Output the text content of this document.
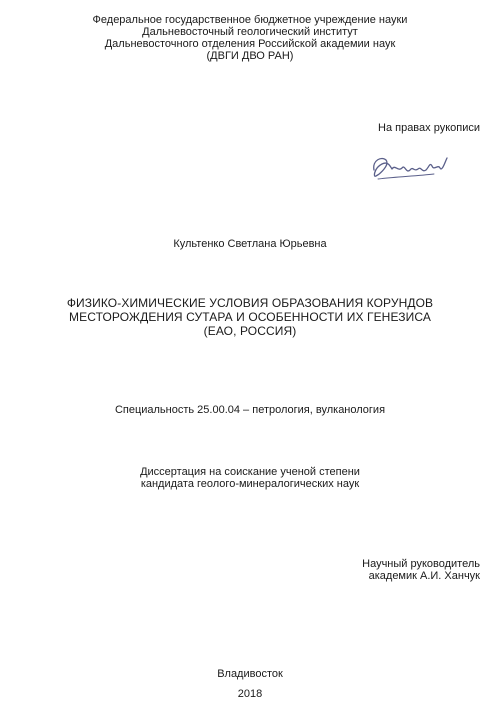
Федеральное государственное бюджетное учреждение науки
Дальневосточный геологический институт
Дальневосточного отделения Российской академии наук
(ДВГИ ДВО РАН)
На правах рукописи
Культенко Светлана Юрьевна
ФИЗИКО-ХИМИЧЕСКИЕ УСЛОВИЯ ОБРАЗОВАНИЯ КОРУНДОВ
МЕСТОРОЖДЕНИЯ СУТАРА И ОСОБЕННОСТИ ИХ ГЕНЕЗИСА
(ЕАО, РОССИЯ)
Специальность 25.00.04 – петрология, вулканология
Диссертация на соискание ученой степени
кандидата геолого-минералогических наук
Научный руководитель
академик А.И. Ханчук
Владивосток
2018
